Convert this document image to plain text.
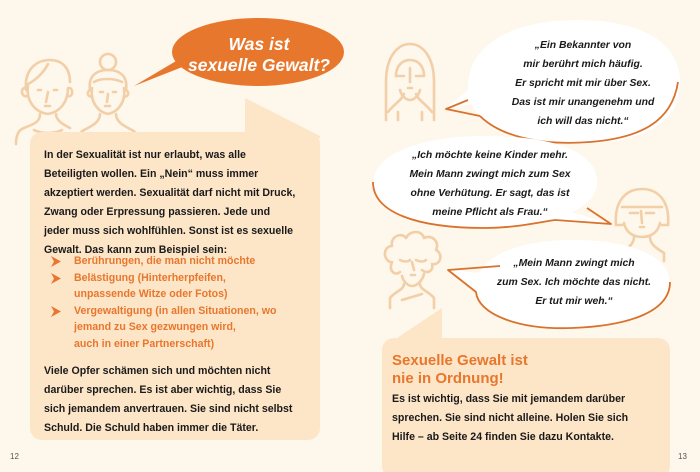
Was ist
sexuelle Gewalt?
In der Sexualität ist nur erlaubt, was alle
Beteiligten wollen. Ein „Nein“ muss immer
akzeptiert werden. Sexualität darf nicht mit Druck,
Zwang oder Erpressung passieren. Jede und
jeder muss sich wohlfühlen. Sonst ist es sexuelle
Gewalt. Das kann zum Beispiel sein:
Berührungen, die man nicht möchte
Belästigung (Hinterherpfeifen,
unpassende Witze oder Fotos)
Vergewaltigung (in allen Situationen, wo
jemand zu Sex gezwungen wird,
auch in einer Partnerschaft)
Viele Opfer schämen sich und möchten nicht
darüber sprechen. Es ist aber wichtig, dass Sie
sich jemandem anvertrauen. Sie sind nicht selbst
Schuld. Die Schuld haben immer die Täter.
12
„Ein Bekannter von
mir berührt mich häufig.
Er spricht mit mir über Sex.
Das ist mir unangenehm und
ich will das nicht.“
„Ich möchte keine Kinder mehr.
Mein Mann zwingt mich zum Sex
ohne Verhütung. Er sagt, das ist
meine Pflicht als Frau.“
„Mein Mann zwingt mich
zum Sex. Ich möchte das nicht.
Er tut mir weh.“
Sexuelle Gewalt ist
nie in Ordnung!
Es ist wichtig, dass Sie mit jemandem darüber
sprechen. Sie sind nicht alleine. Holen Sie sich
Hilfe – ab Seite 24 finden Sie dazu Kontakte.
13
